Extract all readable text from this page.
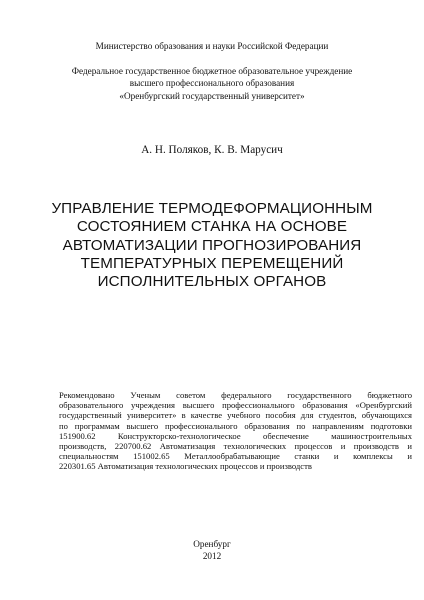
Министерство образования и науки Российской Федерации
Федеральное государственное бюджетное образовательное учреждение
высшего профессионального образования
«Оренбургский государственный университет»
А. Н. Поляков, К. В. Марусич
УПРАВЛЕНИЕ ТЕРМОДЕФОРМАЦИОННЫМ
СОСТОЯНИЕМ СТАНКА НА ОСНОВЕ
АВТОМАТИЗАЦИИ ПРОГНОЗИРОВАНИЯ
ТЕМПЕРАТУРНЫХ ПЕРЕМЕЩЕНИЙ
ИСПОЛНИТЕЛЬНЫХ ОРГАНОВ
Рекомендовано Ученым советом федерального государственного бюджетного
образовательного учреждения высшего профессионального образования «Оренбургский
государственный университет» в качестве учебного пособия для студентов, обучающихся
по программам высшего профессионального образования по направлениям подготовки
151900.62 Конструкторско-технологическое обеспечение машиностроительных
производств, 220700.62 Автоматизация технологических процессов и производств и
специальностям 151002.65 Металлообрабатывающие станки и комплексы и
220301.65 Автоматизация технологических процессов и производств
Оренбург
2012
